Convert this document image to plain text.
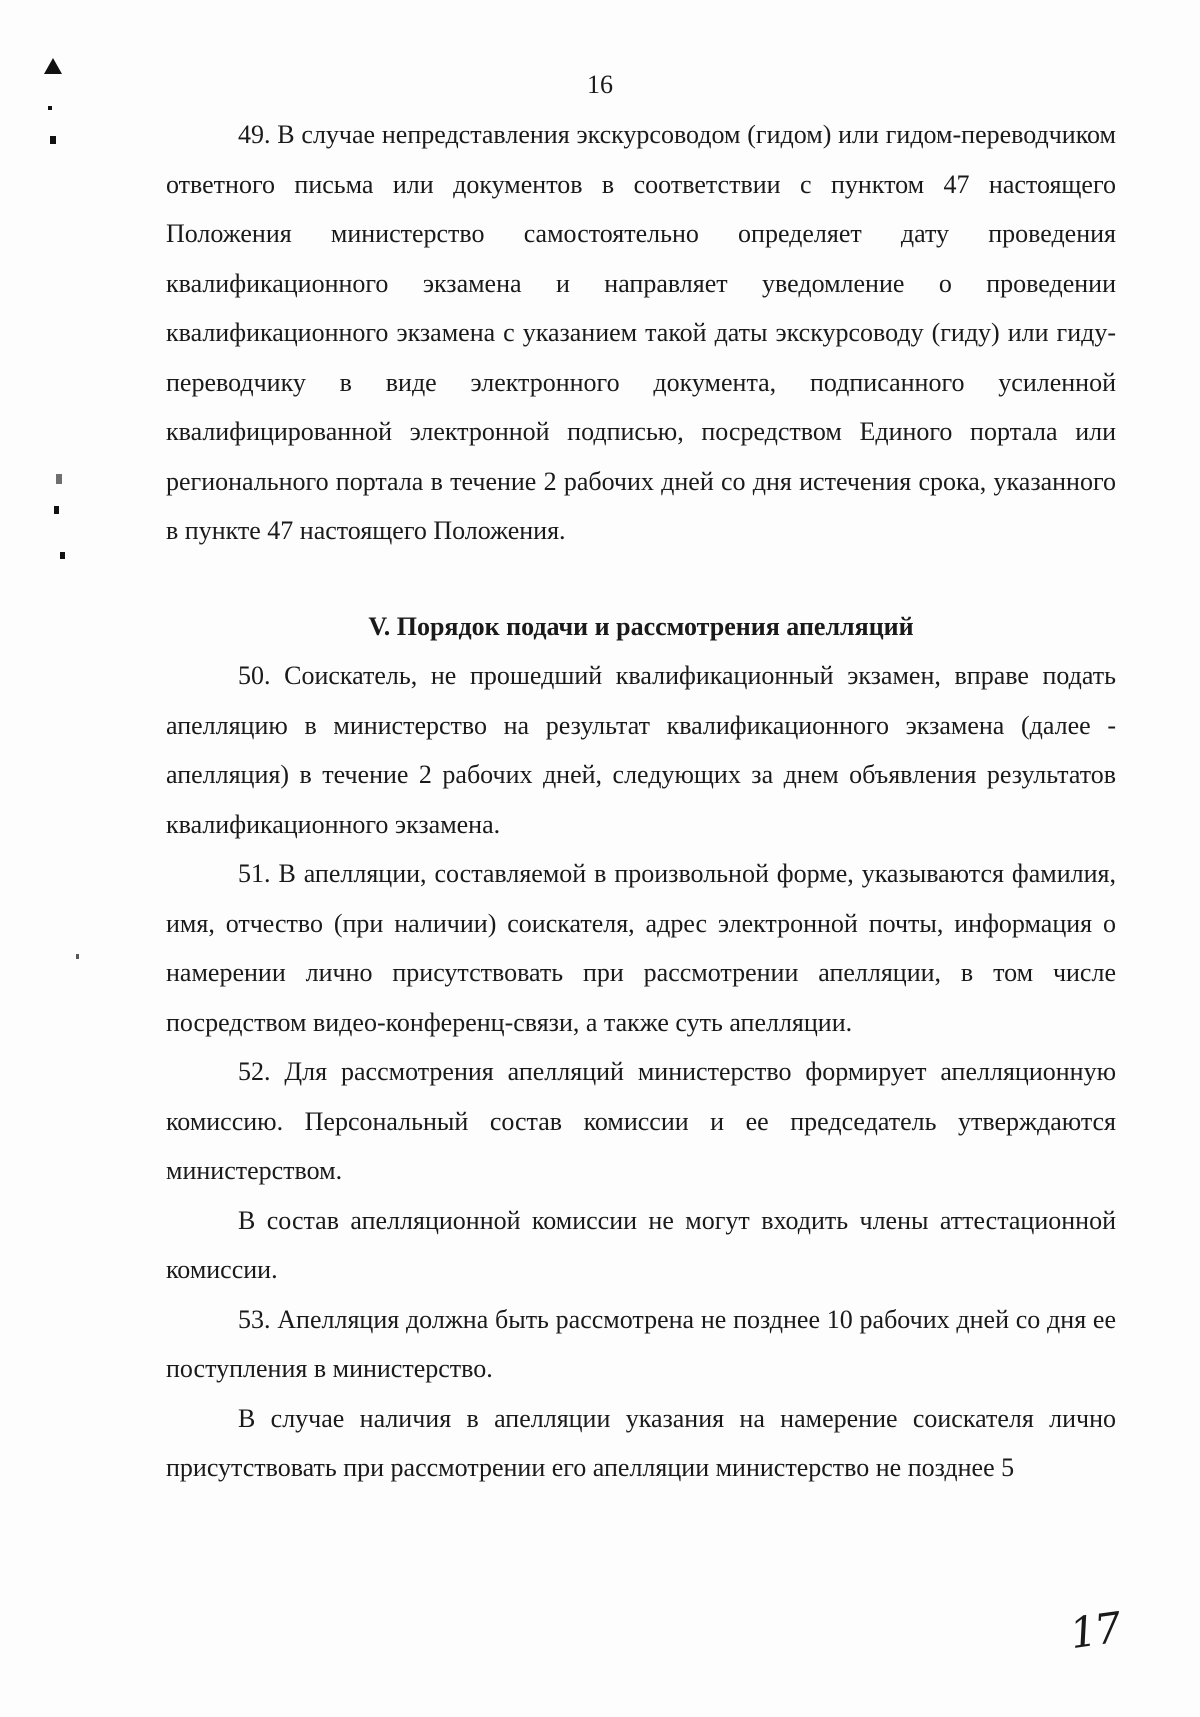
16

49. В случае непредставления экскурсоводом (гидом) или гидом-переводчиком ответного письма или документов в соответствии с пунктом 47 настоящего Положения министерство самостоятельно определяет дату проведения квалификационного экзамена и направляет уведомление о проведении квалификационного экзамена с указанием такой даты экскурсоводу (гиду) или гиду-переводчику в виде электронного документа, подписанного усиленной квалифицированной электронной подписью, посредством Единого портала или регионального портала в течение 2 рабочих дней со дня истечения срока, указанного в пункте 47 настоящего Положения.

V. Порядок подачи и рассмотрения апелляций

50. Соискатель, не прошедший квалификационный экзамен, вправе подать апелляцию в министерство на результат квалификационного экзамена (далее - апелляция) в течение 2 рабочих дней, следующих за днем объявления результатов квалификационного экзамена.

51. В апелляции, составляемой в произвольной форме, указываются фамилия, имя, отчество (при наличии) соискателя, адрес электронной почты, информация о намерении лично присутствовать при рассмотрении апелляции, в том числе посредством видео-конференц-связи, а также суть апелляции.

52. Для рассмотрения апелляций министерство формирует апелляционную комиссию. Персональный состав комиссии и ее председатель утверждаются министерством.

В состав апелляционной комиссии не могут входить члены аттестационной комиссии.

53. Апелляция должна быть рассмотрена не позднее 10 рабочих дней со дня ее поступления в министерство.

В случае наличия в апелляции указания на намерение соискателя лично присутствовать при рассмотрении его апелляции министерство не позднее 5

17
